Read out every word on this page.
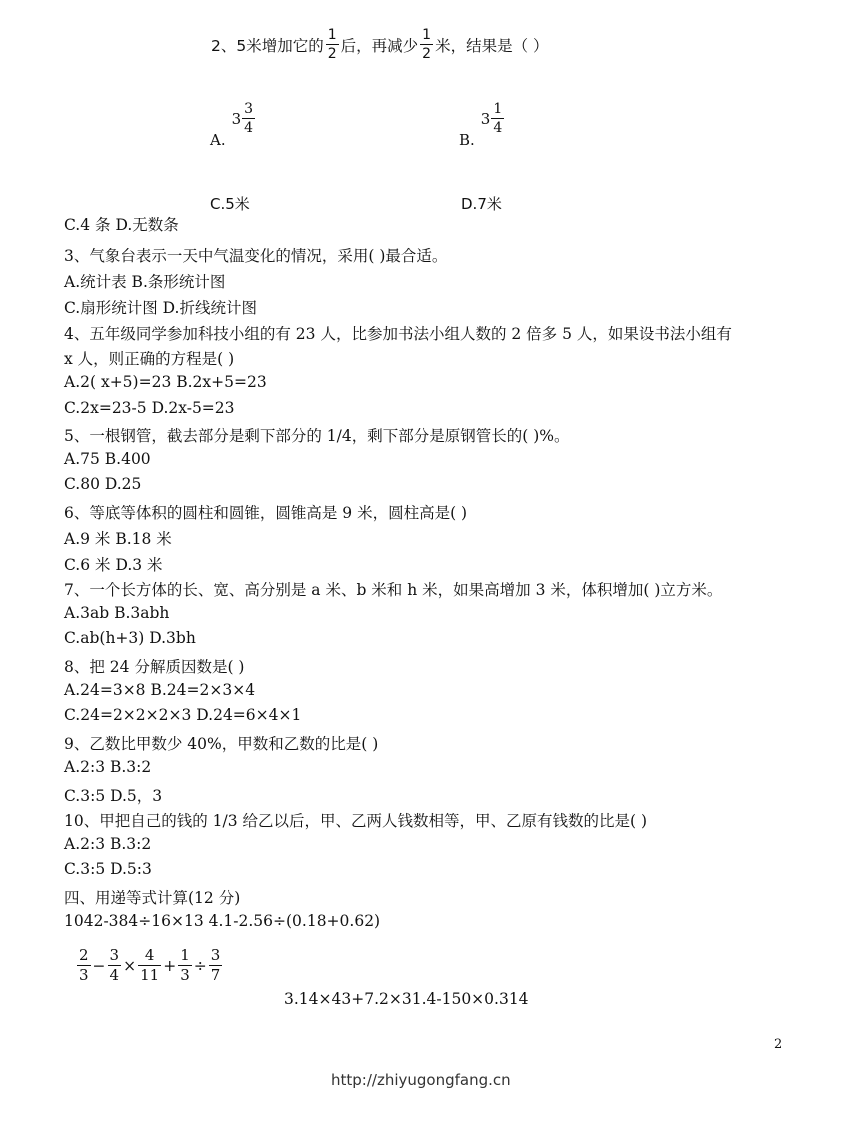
2、5米增加它的 $\frac{1}{2}$ 后，再减少 $\frac{1}{2}$ 米，结果是（ ）
A.
$3 \frac{3}{4}$
B.
$3 \frac{1}{4}$
C.5米	D.7米
C.4 条 D.无数条
3、气象台表示一天中气温变化的情况，采用( )最合适。
A.统计表 B.条形统计图
C.扇形统计图 D.折线统计图
4、五年级同学参加科技小组的有 23 人，比参加书法小组人数的 2 倍多 5 人，如果设书法小组有
x 人，则正确的方程是( )
A.2( x+5)=23 B.2x+5=23
C.2x=23-5 D.2x-5=23
5、一根钢管，截去部分是剩下部分的 1/4，剩下部分是原钢管长的( )%。
A.75 B.400
C.80 D.25
6、等底等体积的圆柱和圆锥，圆锥高是 9 米，圆柱高是( )
A.9 米 B.18 米
C.6 米 D.3 米
7、一个长方体的长、宽、高分别是 a 米、b 米和 h 米，如果高增加 3 米，体积增加( )立方米。
A.3ab B.3abh
C.ab(h+3) D.3bh
8、把 24 分解质因数是( )
A.24=3×8 B.24=2×3×4
C.24=2×2×2×3 D.24=6×4×1
9、乙数比甲数少 40%，甲数和乙数的比是( )
A.2:3 B.3:2
C.3:5 D.5，3
10、甲把自己的钱的 1/3 给乙以后，甲、乙两人钱数相等，甲、乙原有钱数的比是( )
A.2:3 B.3:2
C.3:5 D.5:3
四、用递等式计算(12 分)
1042-384÷16×13 4.1-2.56÷(0.18+0.62)
$\frac{2}{3} - \frac{3}{4} \times \frac{4}{11} + \frac{1}{3} \div \frac{3}{7}$
3.14×43+7.2×31.4-150×0.314
2
http://zhiyugongfang.cn
